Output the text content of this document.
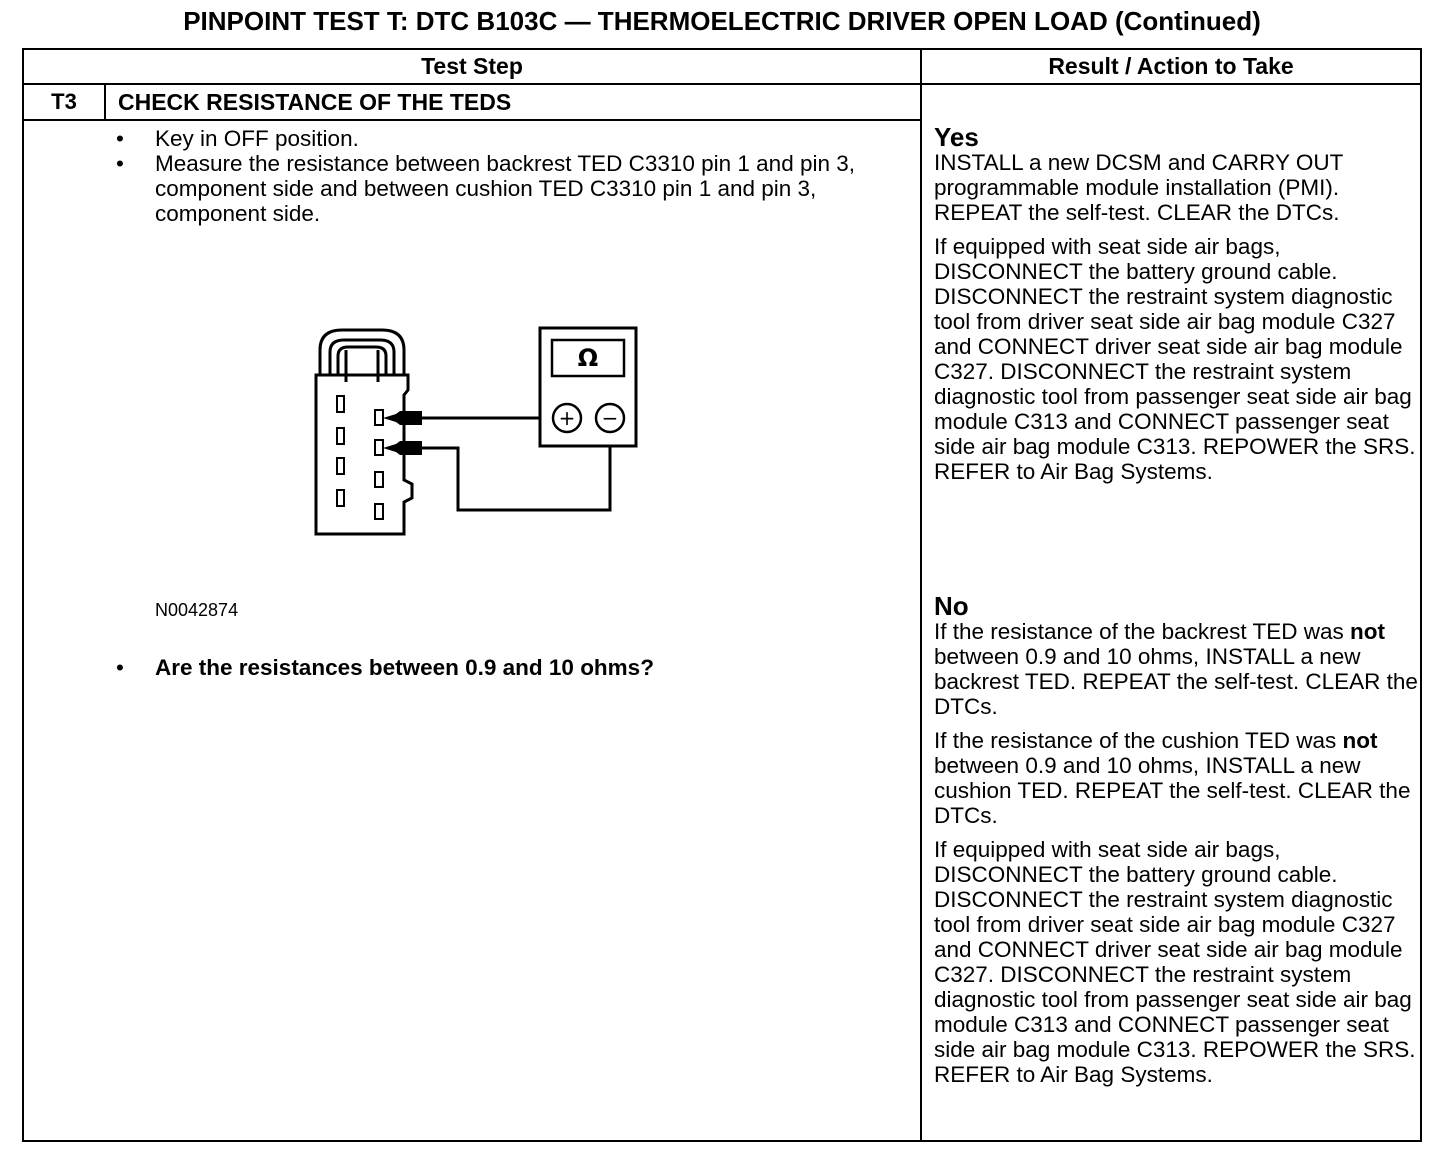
PINPOINT TEST T: DTC B103C — THERMOELECTRIC DRIVER OPEN LOAD (Continued)
Test Step	Result / Action to Take
T3	CHECK RESISTANCE OF THE TEDS
• Key in OFF position.
• Measure the resistance between backrest TED C3310 pin 1 and pin 3, component side and between cushion TED C3310 pin 1 and pin 3, component side.
Ω
+ −
N0042874
• Are the resistances between 0.9 and 10 ohms?
Yes

INSTALL a new DCSM and CARRY OUT programmable module installation (PMI). REPEAT the self-test. CLEAR the DTCs.

If equipped with seat side air bags, DISCONNECT the battery ground cable. DISCONNECT the restraint system diagnostic tool from driver seat side air bag module C327 and CONNECT driver seat side air bag module C327. DISCONNECT the restraint system diagnostic tool from passenger seat side air bag module C313 and CONNECT passenger seat side air bag module C313. REPOWER the SRS. REFER to Air Bag Systems.

No

If the resistance of the backrest TED was not between 0.9 and 10 ohms, INSTALL a new backrest TED. REPEAT the self-test. CLEAR the DTCs.

If the resistance of the cushion TED was not between 0.9 and 10 ohms, INSTALL a new cushion TED. REPEAT the self-test. CLEAR the DTCs.

If equipped with seat side air bags, DISCONNECT the battery ground cable. DISCONNECT the restraint system diagnostic tool from driver seat side air bag module C327 and CONNECT driver seat side air bag module C327. DISCONNECT the restraint system diagnostic tool from passenger seat side air bag module C313 and CONNECT passenger seat side air bag module C313. REPOWER the SRS. REFER to Air Bag Systems.
